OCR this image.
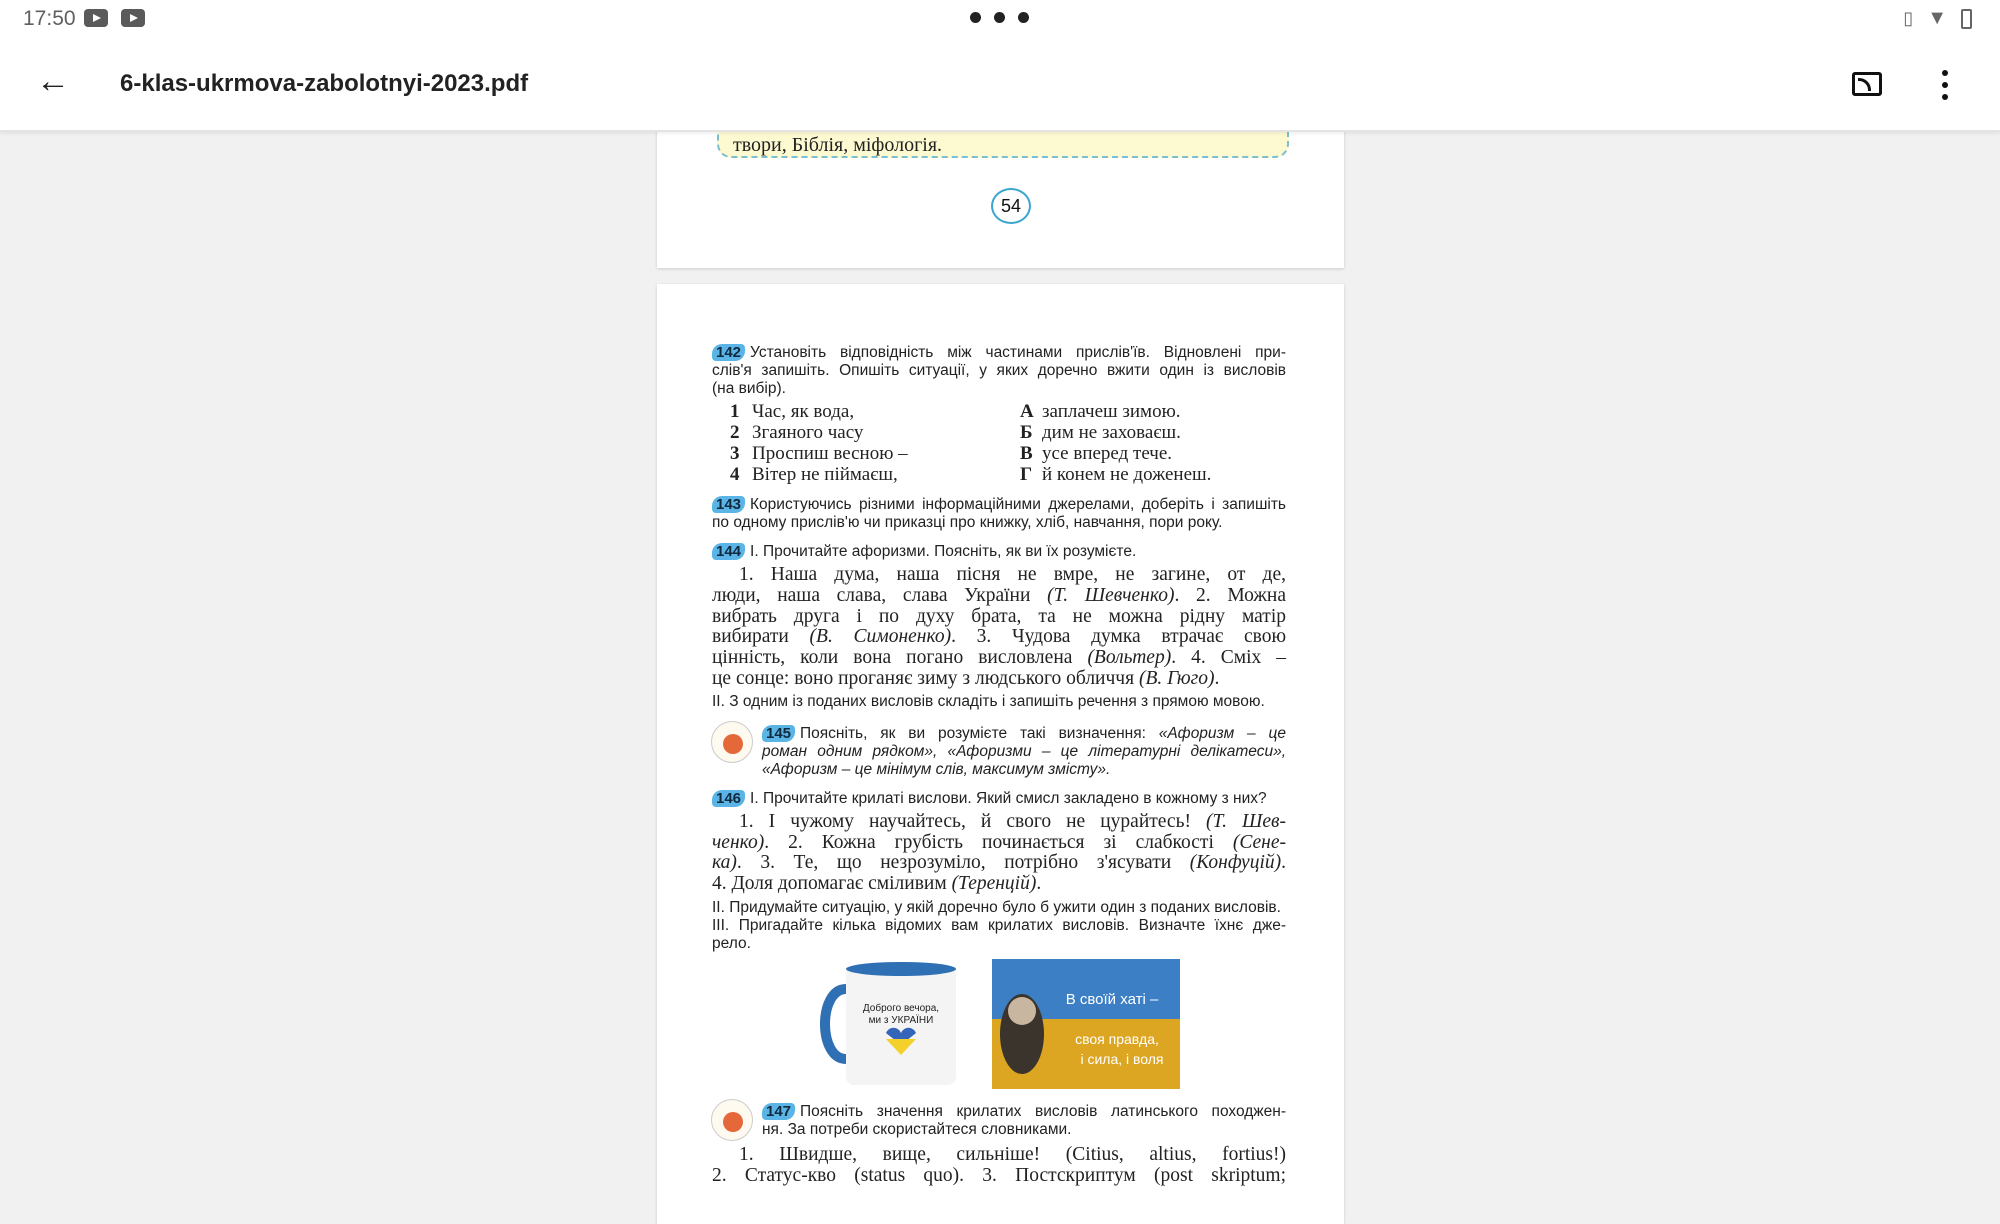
17:50	▯ ▼
← 6-klas-ukrmova-zabolotnyi-2023.pdf
твори, Біблія, міфологія.
54
142 Установіть відповідність між частинами прислів'їв. Відновлені при-
слів'я запишіть. Опишіть ситуації, у яких доречно вжити один із висловів
(на вибір).
1 Час, як вода,	А заплачеш зимою.
2 Згаяного часу	Б дим не заховаєш.
3 Проспиш весною –	В усе вперед тече.
4 Вітер не піймаєш,	Г й конем не доженеш.
143 Користуючись різними інформаційними джерелами, доберіть і запишіть
по одному прислів'ю чи приказці про книжку, хліб, навчання, пори року.
144 І. Прочитайте афоризми. Поясніть, як ви їх розумієте.
1. Наша дума, наша пісня не вмре, не загине, от де,
люди, наша слава, слава України (Т. Шевченко). 2. Можна
вибрать друга і по духу брата, та не можна рідну матір
вибирати (В. Симоненко). 3. Чудова думка втрачає свою
цінність, коли вона погано висловлена (Вольтер). 4. Сміх –
це сонце: воно проганяє зиму з людського обличчя (В. Гюго).
ІІ. З одним із поданих висловів складіть і запишіть речення з прямою мовою.
145 Поясніть, як ви розумієте такі визначення: «Афоризм – це
роман одним рядком», «Афоризми – це літературні делікатеси»,
«Афоризм – це мінімум слів, максимум змісту».
146 І. Прочитайте крилаті вислови. Який смисл закладено в кожному з них?
1. І чужому научайтесь, й свого не цурайтесь! (Т. Шев-
ченко). 2. Кожна грубість починається зі слабкості (Сене-
ка). 3. Те, що незрозуміло, потрібно з'ясувати (Конфуцій).
4. Доля допомагає сміливим (Теренцій).
ІІ. Придумайте ситуацію, у якій доречно було б ужити один з поданих висловів.
ІІІ. Пригадайте кілька відомих вам крилатих висловів. Визначте їхнє дже-
рело.
Доброго вечора,
ми з УКРАЇНИ
В своїй хаті –
своя правда,
і сила, і воля
147 Поясніть значення крилатих висловів латинського походжен-
ня. За потреби скористайтеся словниками.
1. Швидше, вище, сильніше! (Citius, altius, fortius!)
2. Статус-кво (status quo). 3. Постскриптум (post skriptum;
